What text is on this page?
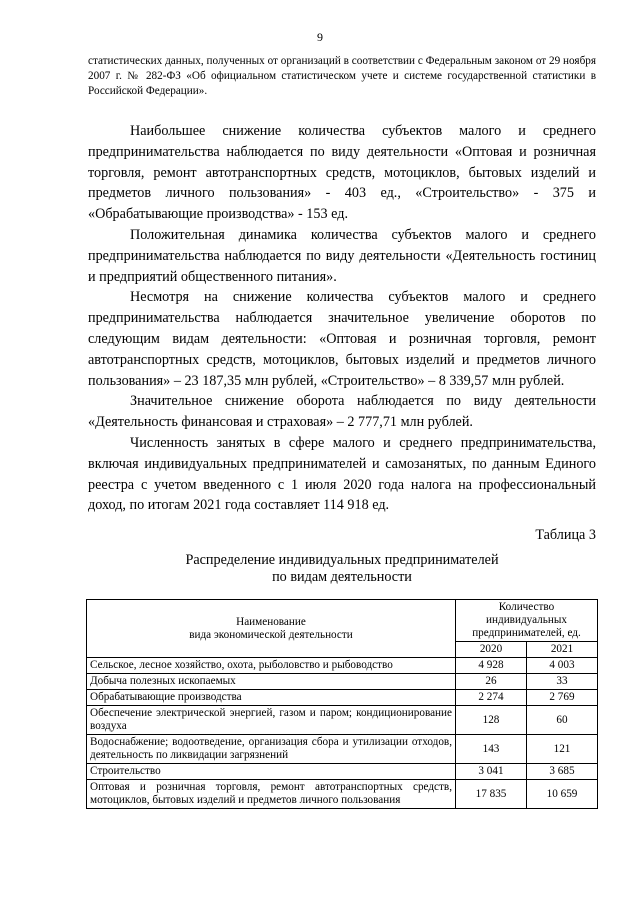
9
статистических данных, полученных от организаций в соответствии с Федеральным законом от 29 ноября 2007 г. № 282-ФЗ «Об официальном статистическом учете и системе государственной статистики в Российской Федерации».

Наибольшее снижение количества субъектов малого и среднего предпринимательства наблюдается по виду деятельности «Оптовая и розничная торговля, ремонт автотранспортных средств, мотоциклов, бытовых изделий и предметов личного пользования» - 403 ед., «Строительство» - 375 и «Обрабатывающие производства» - 153 ед.

Положительная динамика количества субъектов малого и среднего предпринимательства наблюдается по виду деятельности «Деятельность гостиниц и предприятий общественного питания».

Несмотря на снижение количества субъектов малого и среднего предпринимательства наблюдается значительное увеличение оборотов по следующим видам деятельности: «Оптовая и розничная торговля, ремонт автотранспортных средств, мотоциклов, бытовых изделий и предметов личного пользования» – 23 187,35 млн рублей, «Строительство» – 8 339,57 млн рублей.

Значительное снижение оборота наблюдается по виду деятельности «Деятельность финансовая и страховая» – 2 777,71 млн рублей.

Численность занятых в сфере малого и среднего предпринимательства, включая индивидуальных предпринимателей и самозанятых, по данным Единого реестра с учетом введенного с 1 июля 2020 года налога на профессиональный доход, по итогам 2021 года составляет 114 918 ед.

Таблица 3
Распределение индивидуальных предпринимателей
по видам деятельности
Наименование
вида экономической деятельности	Количество индивидуальных предпринимателей, ед.	
	2020	2021
Сельское, лесное хозяйство, охота, рыболовство и рыбоводство	4 928	4 003
Добыча полезных ископаемых	26	33
Обрабатывающие производства	2 274	2 769
Обеспечение электрической энергией, газом и паром; кондиционирование воздуха	128	60
Водоснабжение; водоотведение, организация сбора и утилизации отходов, деятельность по ликвидации загрязнений	143	121
Строительство	3 041	3 685
Оптовая и розничная торговля, ремонт автотранспортных средств, мотоциклов, бытовых изделий и предметов личного пользования	17 835	10 659
